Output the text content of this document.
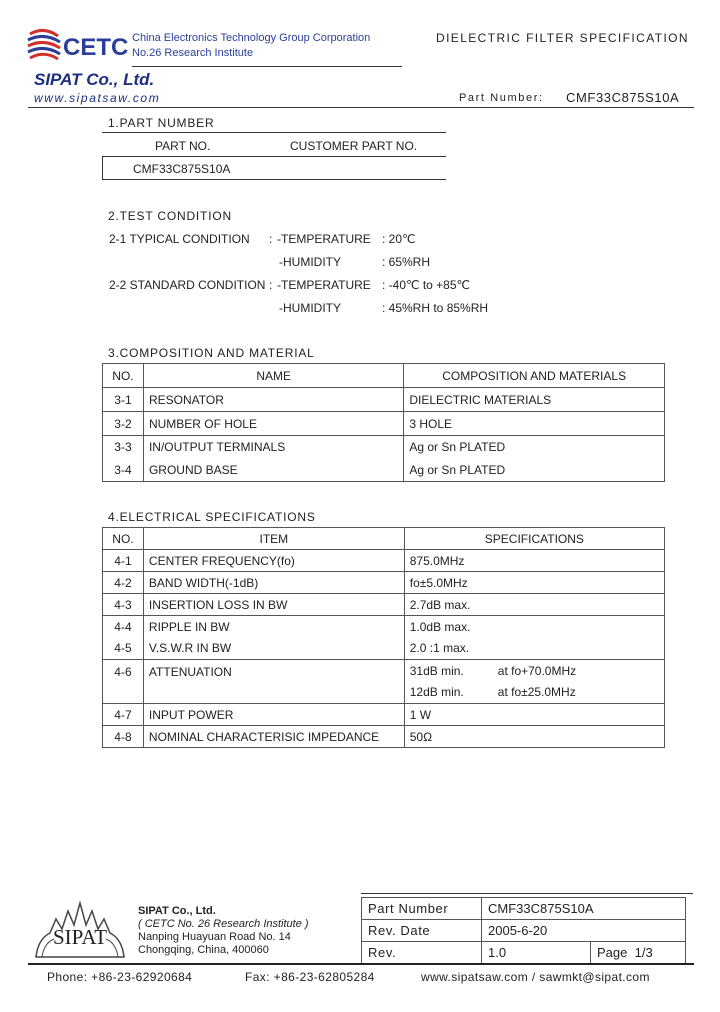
CETC China Electronics Technology Group Corporation
No.26 Research Institute
DIELECTRIC FILTER SPECIFICATION
SIPAT Co., Ltd.
www.sipatsaw.com	Part Number: CMF33C875S10A
1.PART NUMBER
PART NO.	CUSTOMER PART NO.
CMF33C875S10A
2.TEST CONDITION
2-1 TYPICAL CONDITION : -TEMPERATURE : 20℃
-HUMIDITY	: 65%RH
2-2 STANDARD CONDITION : -TEMPERATURE : -40℃ to +85℃
-HUMIDITY	: 45%RH to 85%RH
3.COMPOSITION AND MATERIAL
NO.	NAME	COMPOSITION AND MATERIALS
3-1	RESONATOR	DIELECTRIC MATERIALS
3-2	NUMBER OF HOLE	3 HOLE
3-3	IN/OUTPUT TERMINALS	Ag or Sn PLATED
3-4	GROUND BASE	Ag or Sn PLATED
4.ELECTRICAL SPECIFICATIONS
NO.	ITEM	SPECIFICATIONS
4-1	CENTER FREQUENCY(fo)	875.0MHz
4-2	BAND WIDTH(-1dB)	fo±5.0MHz
4-3	INSERTION LOSS IN BW	2.7dB max.
4-4	RIPPLE IN BW	1.0dB max.
4-5	V.S.W.R IN BW	2.0 :1 max.
4-6	ATTENUATION	31dB min. at fo+70.0MHz
12dB min. at fo±25.0MHz

4-7	INPUT POWER	1 W
4-8	NOMINAL CHARACTERISIC IMPEDANCE	50Ω
SIPAT
SIPAT Co., Ltd.
( CETC No. 26 Research Institute )
Nanping Huayuan Road No. 14
Chongqing, China, 400060
Part Number	CMF33C875S10A	
Rev. Date	2005-6-20	
Rev.	1.0	Page 1/3
Phone: +86-23-62920684	Fax: +86-23-62805284	www.sipatsaw.com / sawmkt@sipat.com
